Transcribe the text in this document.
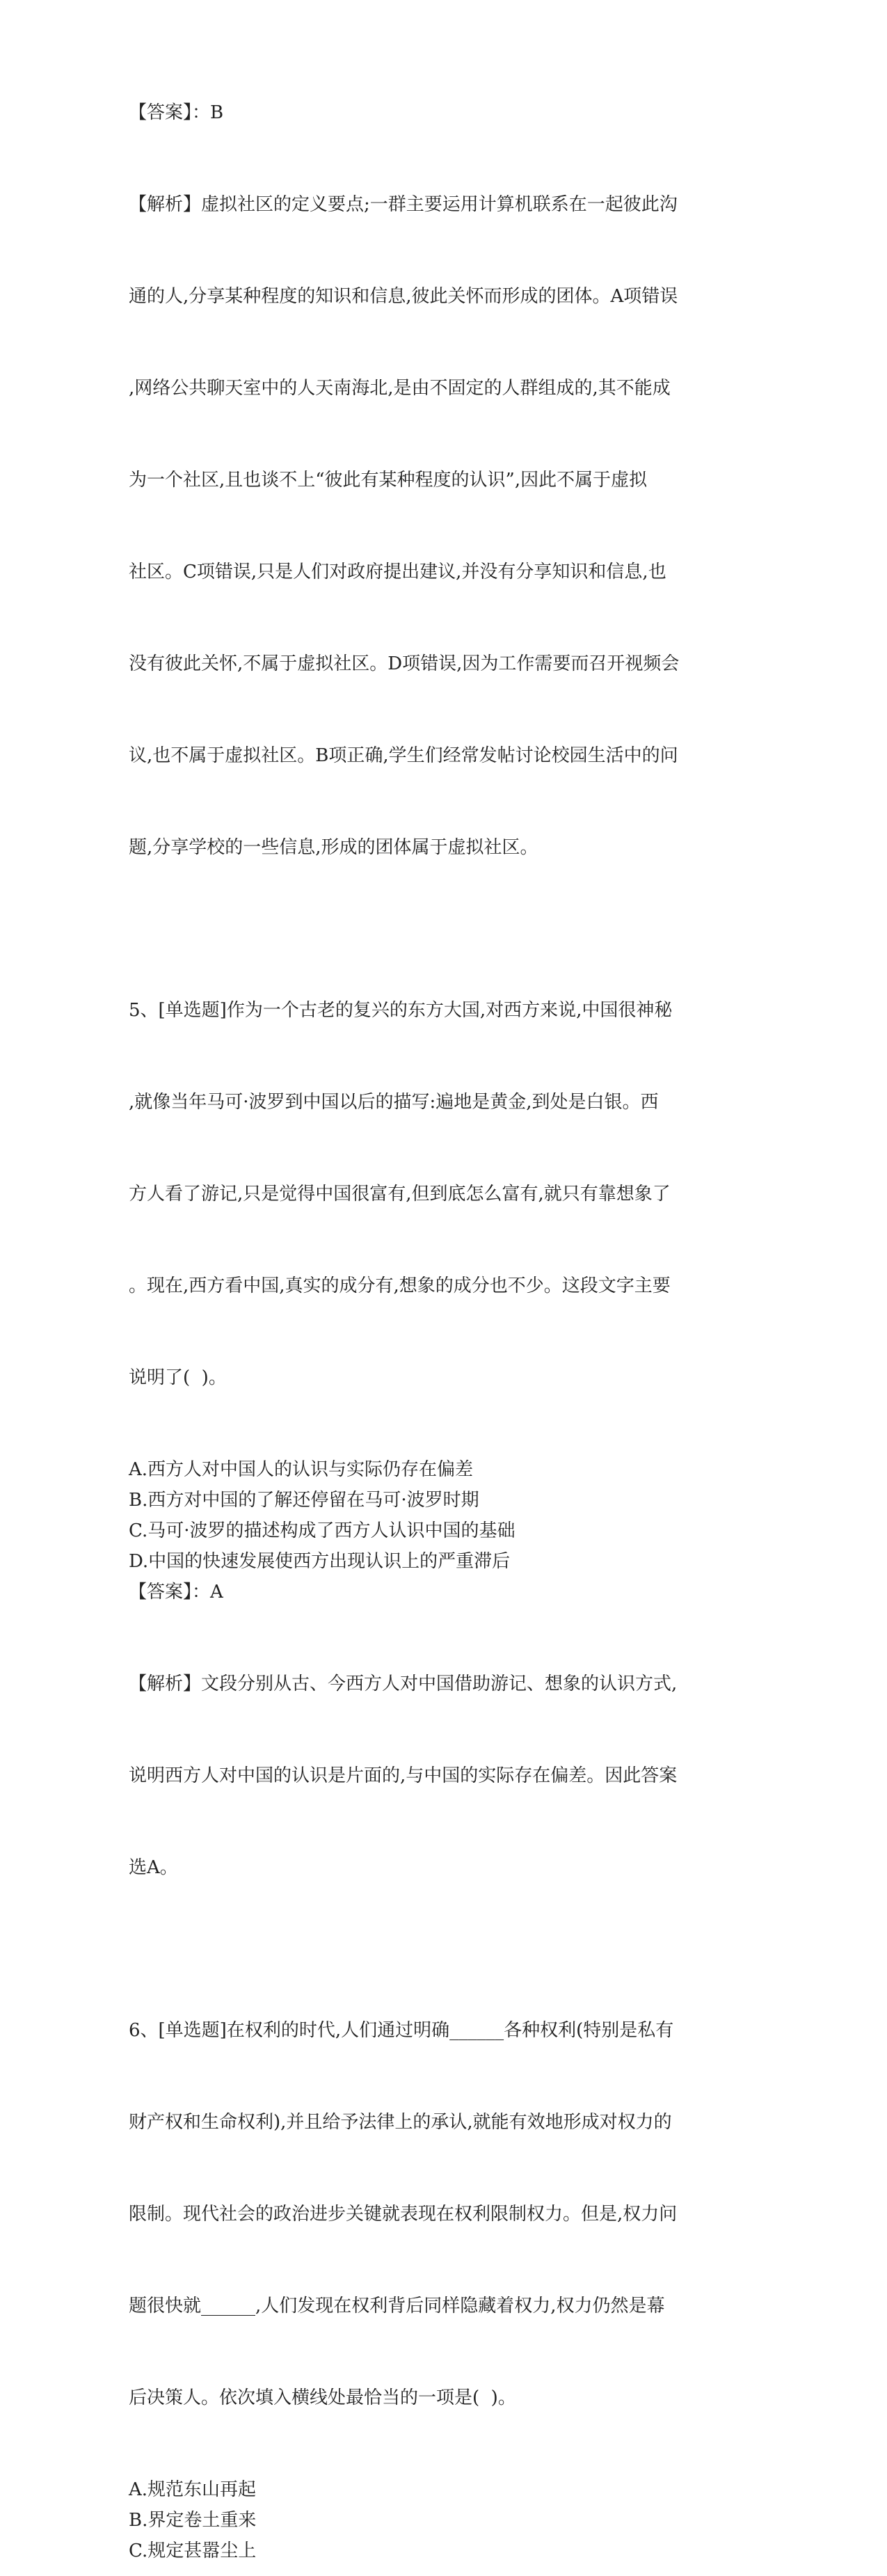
【答案】：B

【解析】虚拟社区的定义要点;一群主要运用计算机联系在一起彼此沟

通的人,分享某种程度的知识和信息,彼此关怀而形成的团体。A项错误

,网络公共聊天室中的人天南海北,是由不固定的人群组成的,其不能成

为一个社区,且也谈不上“彼此有某种程度的认识”,因此不属于虚拟

社区。C项错误,只是人们对政府提出建议,并没有分享知识和信息,也

没有彼此关怀,不属于虚拟社区。D项错误,因为工作需要而召开视频会

议,也不属于虚拟社区。B项正确,学生们经常发帖讨论校园生活中的问

题,分享学校的一些信息,形成的团体属于虚拟社区。

5、[单选题]作为一个古老的复兴的东方大国,对西方来说,中国很神秘

,就像当年马可·波罗到中国以后的描写:遍地是黄金,到处是白银。西

方人看了游记,只是觉得中国很富有,但到底怎么富有,就只有靠想象了

。现在,西方看中国,真实的成分有,想象的成分也不少。这段文字主要

说明了(  )。

A.西方人对中国人的认识与实际仍存在偏差

B.西方对中国的了解还停留在马可·波罗时期

C.马可·波罗的描述构成了西方人认识中国的基础

D.中国的快速发展使西方出现认识上的严重滞后

【答案】：A

【解析】文段分别从古、今西方人对中国借助游记、想象的认识方式,

说明西方人对中国的认识是片面的,与中国的实际存在偏差。因此答案

选A。

6、[单选题]在权利的时代,人们通过明确______各种权利(特别是私有

财产权和生命权利),并且给予法律上的承认,就能有效地形成对权力的

限制。现代社会的政治进步关键就表现在权利限制权力。但是,权力问

题很快就______,人们发现在权利背后同样隐藏着权力,权力仍然是幕

后决策人。依次填入横线处最恰当的一项是(  )。

A.规范东山再起

B.界定卷土重来

C.规定甚嚣尘上
